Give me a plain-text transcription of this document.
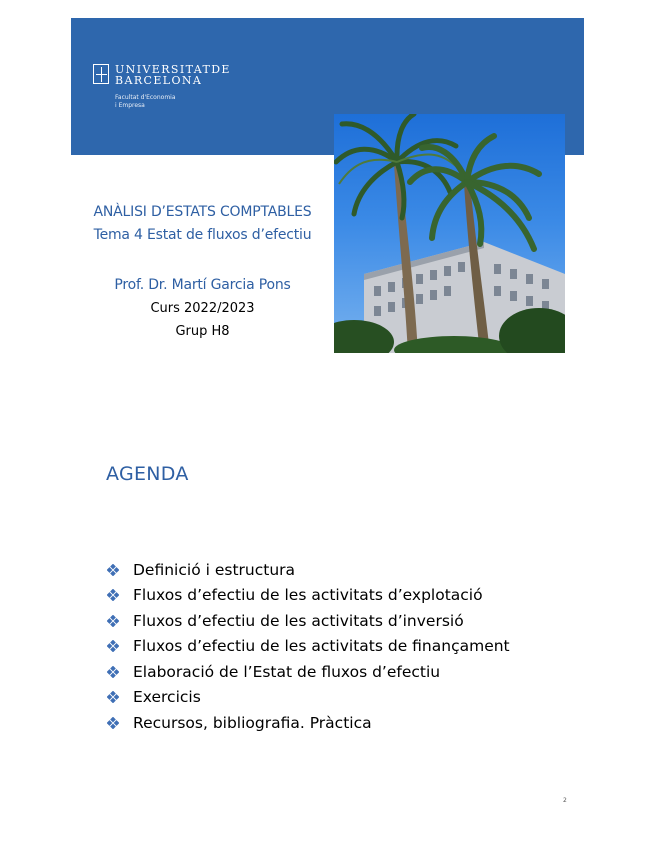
UNIVERSITATDE
BARCELONA
Facultat d'Economia
i Empresa
ANÀLISI D’ESTATS COMPTABLES
Tema 4 Estat de fluxos d’efectiu
Prof. Dr. Martí Garcia Pons
Curs 2022/2023
Grup H8
AGENDA
Definició i estructura
Fluxos d’efectiu de les activitats d’explotació
Fluxos d’efectiu de les activitats d’inversió
Fluxos d’efectiu de les activitats de finançament
Elaboració de l’Estat de fluxos d’efectiu
Exercicis
Recursos, bibliografia. Pràctica
2
